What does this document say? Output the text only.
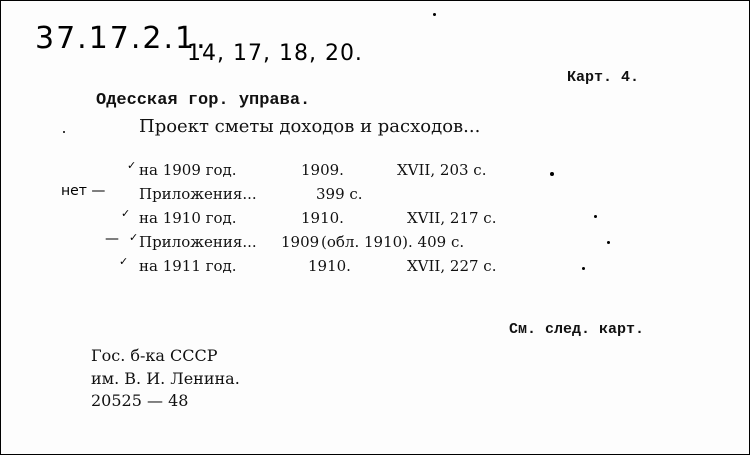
37.17.2.1.
14, 17, 18, 20.
Карт. 4.
Одесская гор. управа.
Проект сметы доходов и расходов...
✓ на 1909 год.	1909.	XVII, 203 с.
нет — Приложения...	399 с.
✓ на 1910 год.	1910.	XVII, 217 с.
— ✓ Приложения... 1909 (обл. 1910). 409 с.
✓ на 1911 год.	1910.	XVII, 227 с.
См. след. карт.
Гос. б-ка СССР
им. В. И. Ленина.
20525 — 48
